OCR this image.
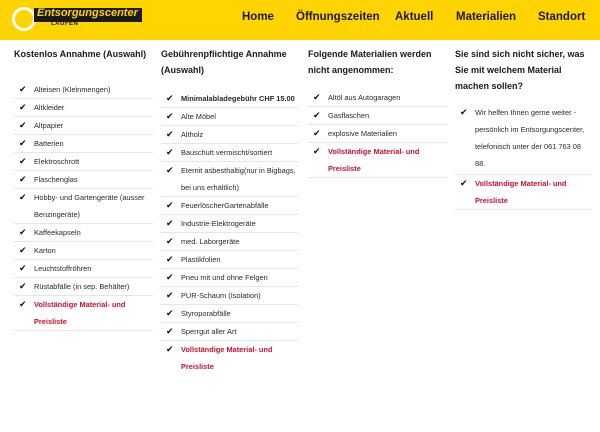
Entsorgungscenter
LAUFEN
Home Öffnungszeiten Aktuell Materialien Standort
Kostenlos Annahme (Auswahl)
✔ Alteisen (Kleinmengen)
✔ Altkleider
✔ Altpapier
✔ Batterien
✔ Elektroschrott
✔ Flaschenglas
✔ Hobby- und Gartengeräte (ausser Benzingeräte)
✔ Kaffeekapseln
✔ Karton
✔ Leuchtstoffröhren
✔ Rüstabfälle (in sep. Behälter)
✔ Vollständige Material- und Preisliste
Gebührenpflichtige Annahme (Auswahl)
✔ Minimalabladegebühr CHF 15.00
✔ Alte Möbel
✔ Altholz
✔ Bauschutt vermischt/sortiert
✔ Eternit asbesthaltig(nur in Bigbags, bei uns erhältlich)
✔ FeuerlöscherGartenabfälle
✔ Industrie-Elektrogeräte
✔ med. Laborgeräte
✔ Plastikfolien
✔ Pneu mit und ohne Felgen
✔ PUR-Schaum (Isolation)
✔ Styroporabfälle
✔ Sperrgut aller Art
✔ Vollständige Material- und Preisliste
Folgende Materialien werden nicht angenommen:
✔ Altöl aus Autogaragen
✔ Gasflaschen
✔ explosive Materialien
✔ Vollständige Material- und Preisliste
Sie sind sich nicht sicher, was Sie mit welchem Material machen sollen?
✔ Wir helfen Ihnen gerne weiter - persönlich im Entsorgungscenter, telefonisch unter der 061 763 08 88.
✔ Vollständige Material- und Preisliste
